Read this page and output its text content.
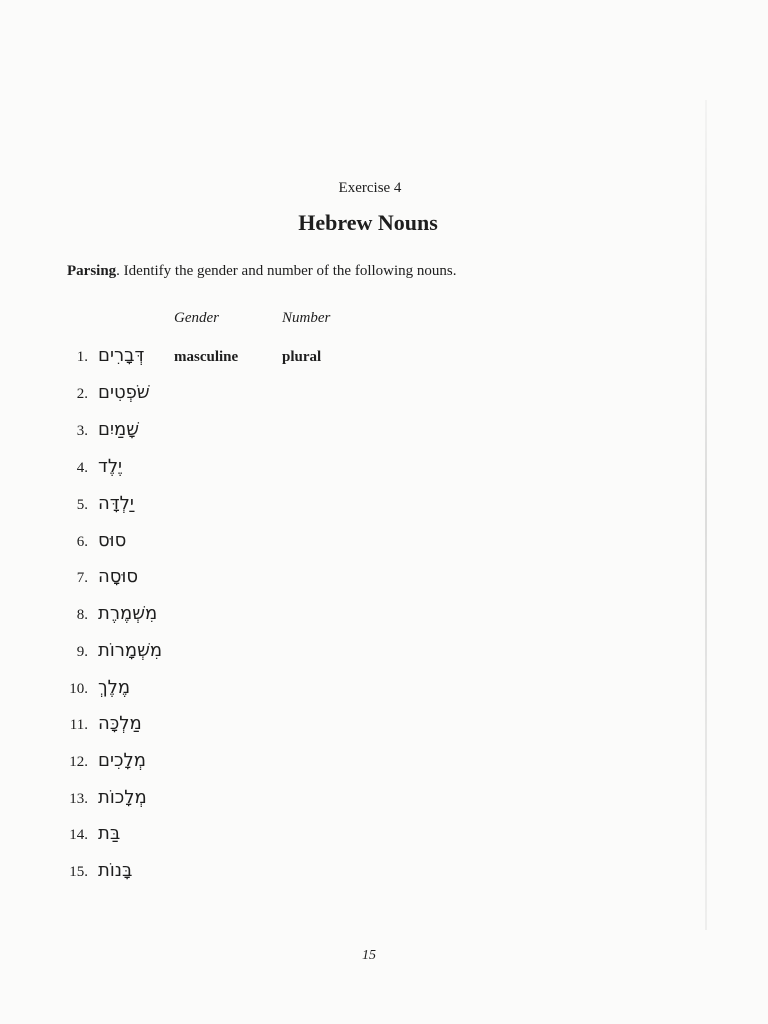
Exercise 4
Hebrew Nouns
Parsing. Identify the gender and number of the following nouns.
Gender	Number
1. דְּבָרִים masculine	plural
2. שֹׁפְטִים
3. שָׁמַיִם
4. יֶלֶד
5. יַלְדָּה
6. סוּס
7. סוּסָה
8. מִשְׁמֶרֶת
9. מִשְׁמָרוֹת
10. מֶלֶךְ
11. מַלְכָּה
12. מְלָכִים
13. מְלָכוֹת
14. בַּת
15. בָּנוֹת
15
